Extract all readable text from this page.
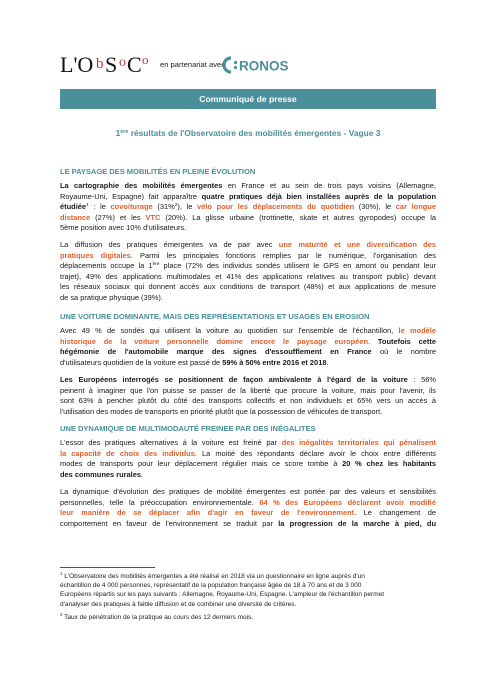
L'O b S o C o en partenariat avec RONOS
Communiqué de presse
1ère résultats de l'Observatoire des mobilités émergentes - Vague 3
LE PAYSAGE DES MOBILITÉS EN PLEINE ÉVOLUTION
La cartographie des mobilités émergentes en France et au sein de trois pays voisins (Allemagne,
Royaume-Uni, Espagne) fait apparaître quatre pratiques déjà bien installées auprès de la population
étudiée$^1$ : le covoiturage (31%$^2$), le vélo pour les déplacements du quotidien (30%), le car longue
distance (27%) et les VTC (20%). La glisse urbaine (trottinette, skate et autres gyropodes) occupe la
5ème position avec 10% d'utilisateurs.
La diffusion des pratiques émergentes va de pair avec une maturité et une diversification des
pratiques digitales. Parmi les principales fonctions remplies par le numérique, l'organisation des
déplacements occupe la 1ère place (72% des individus sondés utilisent le GPS en amont ou pendant leur
trajet), 49% des applications multimodales et 41% des applications relatives au transport public) devant
les réseaux sociaux qui donnent accès aux conditions de transport (48%) et aux applications de mesure
de sa pratique physique (39%).
UNE VOITURE DOMINANTE, MAIS DES REPRÉSENTATIONS ET USAGES EN EROSION
Avec 49 % de sondés qui utilisent la voiture au quotidien sur l'ensemble de l'échantillon, le modèle
historique de la voiture personnelle domine encore le paysage européen. Toutefois cette
hégémonie de l'automobile marque des signes d'essoufflement en France où le nombre
d'utilisateurs quotidien de la voiture est passé de 59% à 50% entre 2016 et 2018.
Les Européens interrogés se positionnent de façon ambivalente à l'égard de la voiture : 56%
peinent à imaginer que l'on puisse se passer de la liberté que procure la voiture, mais pour l'avenir, ils
sont 63% à pencher plutôt du côté des transports collectifs et non individuels et 65% vers un accès à
l'utilisation des modes de transports en priorité plutôt que la possession de véhicules de transport.
UNE DYNAMIQUE DE MULTIMODAUTÉ FREINEE PAR DES INÉGALITES
L'essor des pratiques alternatives à la voiture est freiné par des inégalités territoriales qui pénalisent
la capacité de choix des individus. La moitié des répondants déclare avoir le choix entre différents
modes de transports pour leur déplacement régulier mais ce score tombe à 20 % chez les habitants
des communes rurales.
La dynamique d'évolution des pratiques de mobilité émergentes est portée par des valeurs et sensibilités
personnelles, telle la préoccupation environnementale. 64 % des Européens déclarent avoir modifié
leur manière de se déplacer afin d'agir en faveur de l'environnement. Le changement de
comportement en faveur de l'environnement se traduit par la progression de la marche à pied, du
$^1$ L'Observatoire des mobilités émergentes a été réalisé en 2018 via un questionnaire en ligne auprès d'un
échantillon de 4 000 personnes, représentatif de la population française âgée de 18 à 70 ans et de 3 000
Européens répartis sur les pays suivants : Allemagne, Royaume-Uni, Espagne. L'ampleur de l'échantillon permet
d'analyser des pratiques à faible diffusion et de combiner une diversité de critères.
$^2$ Taux de pénétration de la pratique au cours des 12 derniers mois.
